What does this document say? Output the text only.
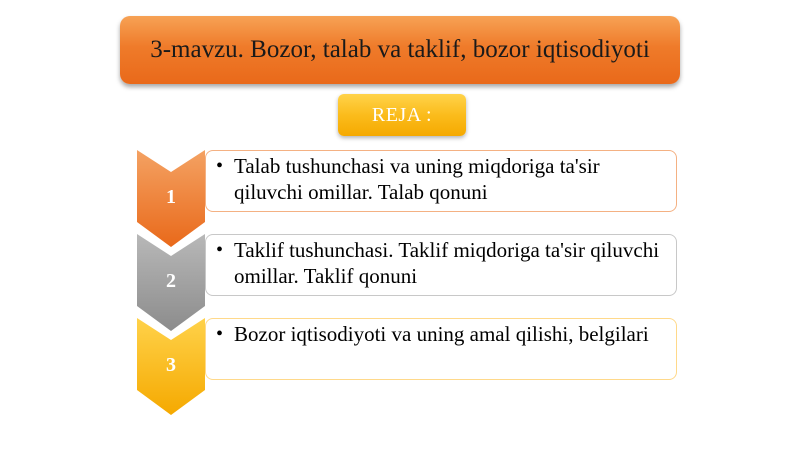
3-mavzu. Bozor, talab va taklif, bozor iqtisodiyoti
REJA :
1
• Talab tushunchasi va uning miqdoriga ta'sir qiluvchi omillar. Talab qonuni
2
• Taklif tushunchasi. Taklif miqdoriga ta'sir qiluvchi omillar. Taklif qonuni
3
• Bozor iqtisodiyoti va uning amal qilishi, belgilari
